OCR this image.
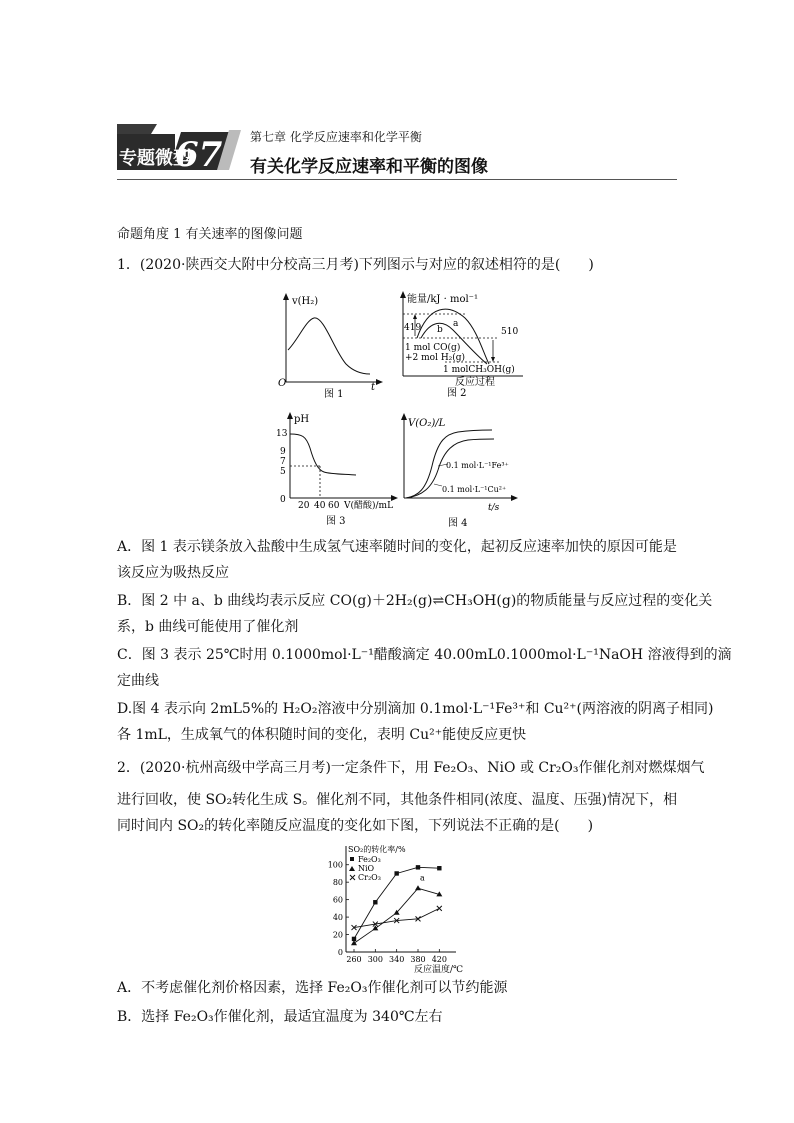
专题微型
67 第七章 化学反应速率和化学平衡
有关化学反应速率和平衡的图像
命题角度 1 有关速率的图像问题
1．(2020·陕西交大附中分校高三月考)下列图示与对应的叙述相符的是(　　)
v(H₂)
O	t
图 1
能量/kJ · mol⁻¹
419	510
a
b
1 mol CO(g)
+2 mol H₂(g)
1 molCH₃OH(g)
反应过程
图 2
pH
13
9
7
5
0
20 40 60 V(醋酸)/mL
图 3
V(O₂)/L
0.1 mol·L⁻¹Fe³⁺
0.1 mol·L⁻¹Cu²⁺
t/s
图 4
A．图 1 表示镁条放入盐酸中生成氢气速率随时间的变化，起初反应速率加快的原因可能是
该反应为吸热反应
B．图 2 中 a、b 曲线均表示反应 CO(g)＋2H₂(g)⇌CH₃OH(g)的物质能量与反应过程的变化关
系，b 曲线可能使用了催化剂
C．图 3 表示 25℃时用 0.1000mol·L⁻¹醋酸滴定 40.00mL0.1000mol·L⁻¹NaOH 溶液得到的滴
定曲线
D.图 4 表示向 2mL5%的 H₂O₂溶液中分别滴加 0.1mol·L⁻¹Fe³⁺和 Cu²⁺(两溶液的阴离子相同)
各 1mL，生成氧气的体积随时间的变化，表明 Cu²⁺能使反应更快
2．(2020·杭州高级中学高三月考)一定条件下，用 Fe₂O₃、NiO 或 Cr₂O₃作催化剂对燃煤烟气
进行回收，使 SO₂转化生成 S。催化剂不同，其他条件相同(浓度、温度、压强)情况下，相
同时间内 SO₂的转化率随反应温度的变化如下图，下列说法不正确的是(　　)
SO₂的转化率/%
反应温度/℃
0
20
40
60
80
100
260 300 340 380 420
Fe₂O₃
NiO
Cr₂O₃	a
A．不考虑催化剂价格因素，选择 Fe₂O₃作催化剂可以节约能源
B．选择 Fe₂O₃作催化剂，最适宜温度为 340℃左右
